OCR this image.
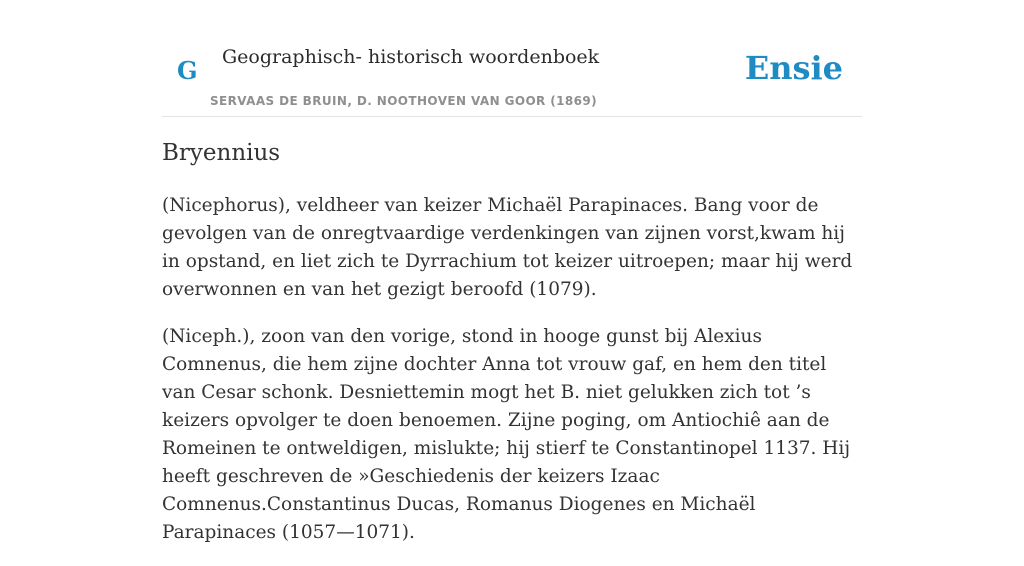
G Geographisch- historisch woordenboek
SERVAAS DE BRUIN, D. NOOTHOVEN VAN GOOR (1869)
Ensie
Bryennius

(Nicephorus), veldheer van keizer Michaël Parapinaces. Bang voor de gevolgen van de onregtvaardige verdenkingen van zijnen vorst,kwam hij in opstand, en liet zich te Dyrrachium tot keizer uitroepen; maar hij werd overwonnen en van het gezigt beroofd (1079).

(Niceph.), zoon van den vorige, stond in hooge gunst bij Alexius Comnenus, die hem zijne dochter Anna tot vrouw gaf, en hem den titel van Cesar schonk. Desniettemin mogt het B. niet gelukken zich tot ’s keizers opvolger te doen benoemen. Zijne poging, om Antiochiê aan de Romeinen te ontweldigen, mislukte; hij stierf te Constantinopel 1137. Hij heeft geschreven de »Geschiedenis der keizers Izaac Comnenus.Constantinus Ducas, Romanus Diogenes en Michaël Parapinaces (1057—1071).
